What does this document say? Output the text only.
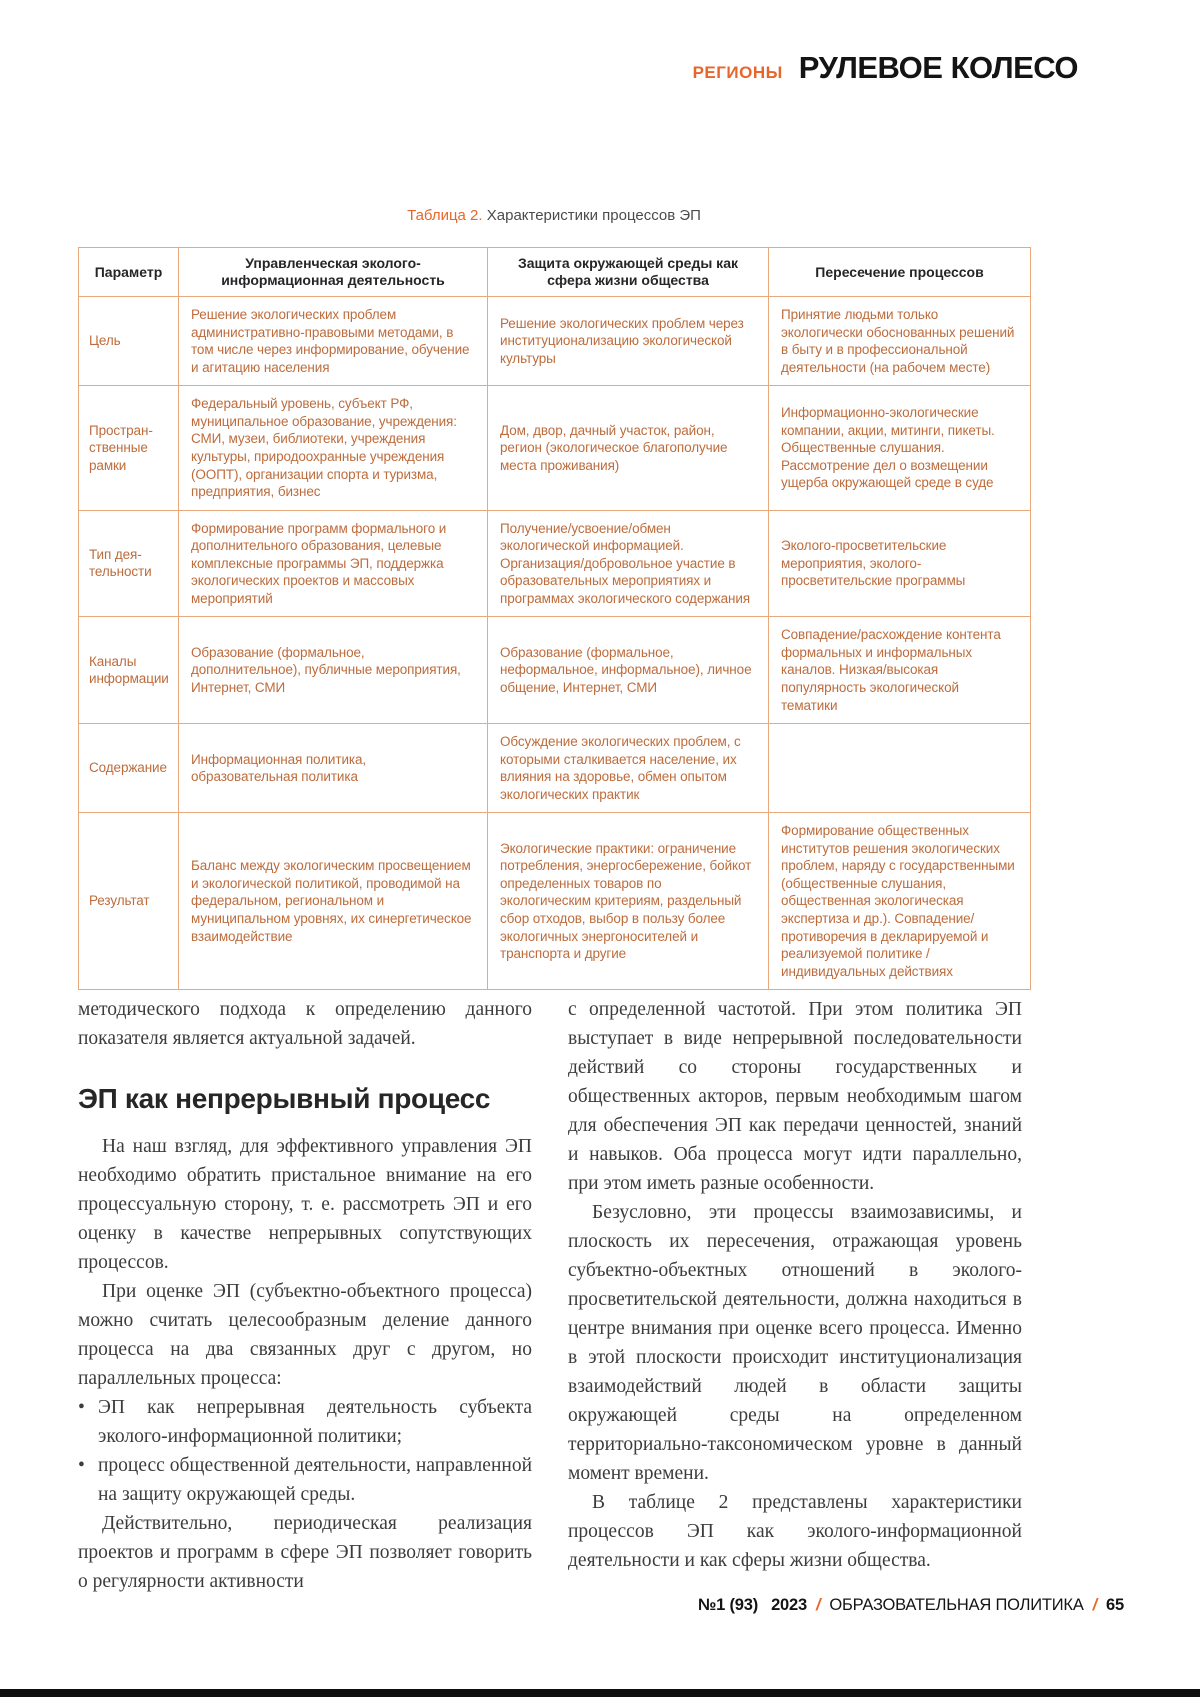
РЕГИОНЫ РУЛЕВОЕ КОЛЕСО
Таблица 2. Характеристики процессов ЭП
Параметр	Управленческая эколого-информационная деятельность	Защита окружающей среды как сфера жизни общества	Пересечение процессов
Цель	Решение экологических проблем административно-правовыми методами, в том числе через информирование, обучение и агитацию населения	Решение экологических проблем через институционализацию экологической культуры	Принятие людьми только экологически обоснованных решений в быту и в профессиональной деятельности (на рабочем месте)
Пространственные рамки	Федеральный уровень, субъект РФ, муниципальное образование, учреждения: СМИ, музеи, библиотеки, учреждения культуры, природоохранные учреждения (ООПТ), организации спорта и туризма, предприятия, бизнес	Дом, двор, дачный участок, район, регион (экологическое благополучие места проживания)	Информационно-экологические компании, акции, митинги, пикеты. Общественные слушания. Рассмотрение дел о возмещении ущерба окружающей среде в суде
Тип деятельности	Формирование программ формального и дополнительного образования, целевые комплексные программы ЭП, поддержка экологических проектов и массовых мероприятий	Получение/усвоение/обмен экологической информацией. Организация/добровольное участие в образовательных мероприятиях и программах экологического содержания	Эколого-просветительские мероприятия, эколого-просветительские программы
Каналы информации	Образование (формальное, дополнительное), публичные мероприятия, Интернет, СМИ	Образование (формальное, неформальное, информальное), личное общение, Интернет, СМИ	Совпадение/расхождение контента формальных и информальных каналов. Низкая/высокая популярность экологической тематики
Содержание	Информационная политика, образовательная политика	Обсуждение экологических проблем, с которыми сталкивается население, их влияния на здоровье, обмен опытом экологических практик	
Результат	Баланс между экологическим просвещением и экологической политикой, проводимой на федеральном, региональном и муниципальном уровнях, их синергетическое взаимодействие	Экологические практики: ограничение потребления, энергосбережение, бойкот определенных товаров по экологическим критериям, раздельный сбор отходов, выбор в пользу более экологичных энергоносителей и транспорта и другие	Формирование общественных институтов решения экологических проблем, наряду с государственными (общественные слушания, общественная экологическая экспертиза и др.). Совпадение/противоречия в декларируемой и реализуемой политике / индивидуальных действиях

методического подхода к определению данного показателя является актуальной задачей.

ЭП как непрерывный процесс

На наш взгляд, для эффективного управления ЭП необходимо обратить пристальное внимание на его процессуальную сторону, т. е. рассмотреть ЭП и его оценку в качестве непрерывных сопутствующих процессов.

При оценке ЭП (субъектно-объектного процесса) можно считать целесообразным деление данного процесса на два связанных друг с другом, но параллельных процесса:

• ЭП как непрерывная деятельность субъекта эколого-информационной политики;
• процесс общественной деятельности, направленной на защиту окружающей среды.

Действительно, периодическая реализация проектов и программ в сфере ЭП позволяет говорить о регулярности активности

с определенной частотой. При этом политика ЭП выступает в виде непрерывной последовательности действий со стороны государственных и общественных акторов, первым необходимым шагом для обеспечения ЭП как передачи ценностей, знаний и навыков. Оба процесса могут идти параллельно, при этом иметь разные особенности.

Безусловно, эти процессы взаимозависимы, и плоскость их пересечения, отражающая уровень субъектно-объектных отношений в эколого-просветительской деятельности, должна находиться в центре внимания при оценке всего процесса. Именно в этой плоскости происходит институционализация взаимодействий людей в области защиты окружающей среды на определенном территориально-таксономическом уровне в данный момент времени.

В таблице 2 представлены характеристики процессов ЭП как эколого-информационной деятельности и как сферы жизни общества.

№1 (93) 2023 / ОБРАЗОВАТЕЛЬНАЯ ПОЛИТИКА / 65
